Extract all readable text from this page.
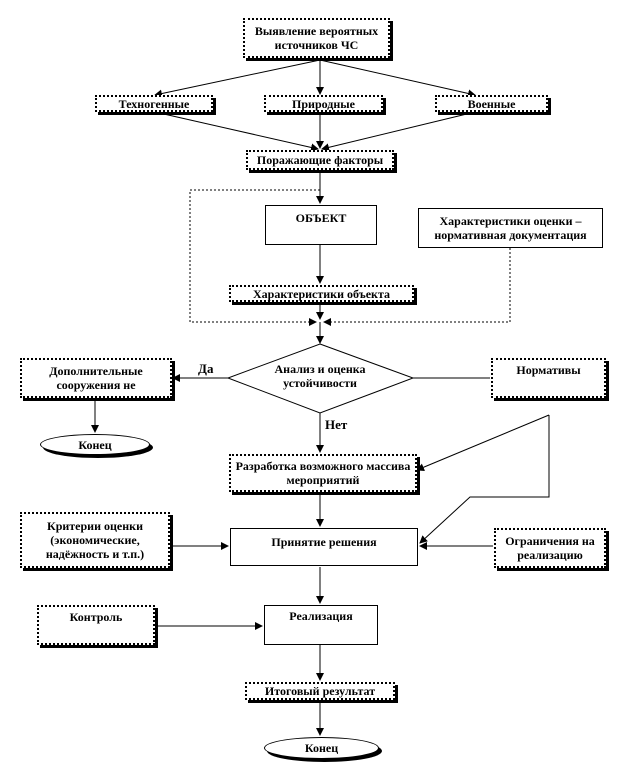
Выявление вероятных источников ЧС
Техногенные	Природные	Военные
Поражающие факторы
ОБЪЕКТ	Характеристики оценки – нормативная документация
Характеристики объекта
Анализ и оценка устойчивости
Дополнительные сооружения не
Конец
Нормативы
Да
Нет
Разработка возможного массива мероприятий
Критерии оценки (экономические, надёжность и т.п.)
Принятие решения	Ограничения на реализацию
Контроль	Реализация
Итоговый результат
Конец
